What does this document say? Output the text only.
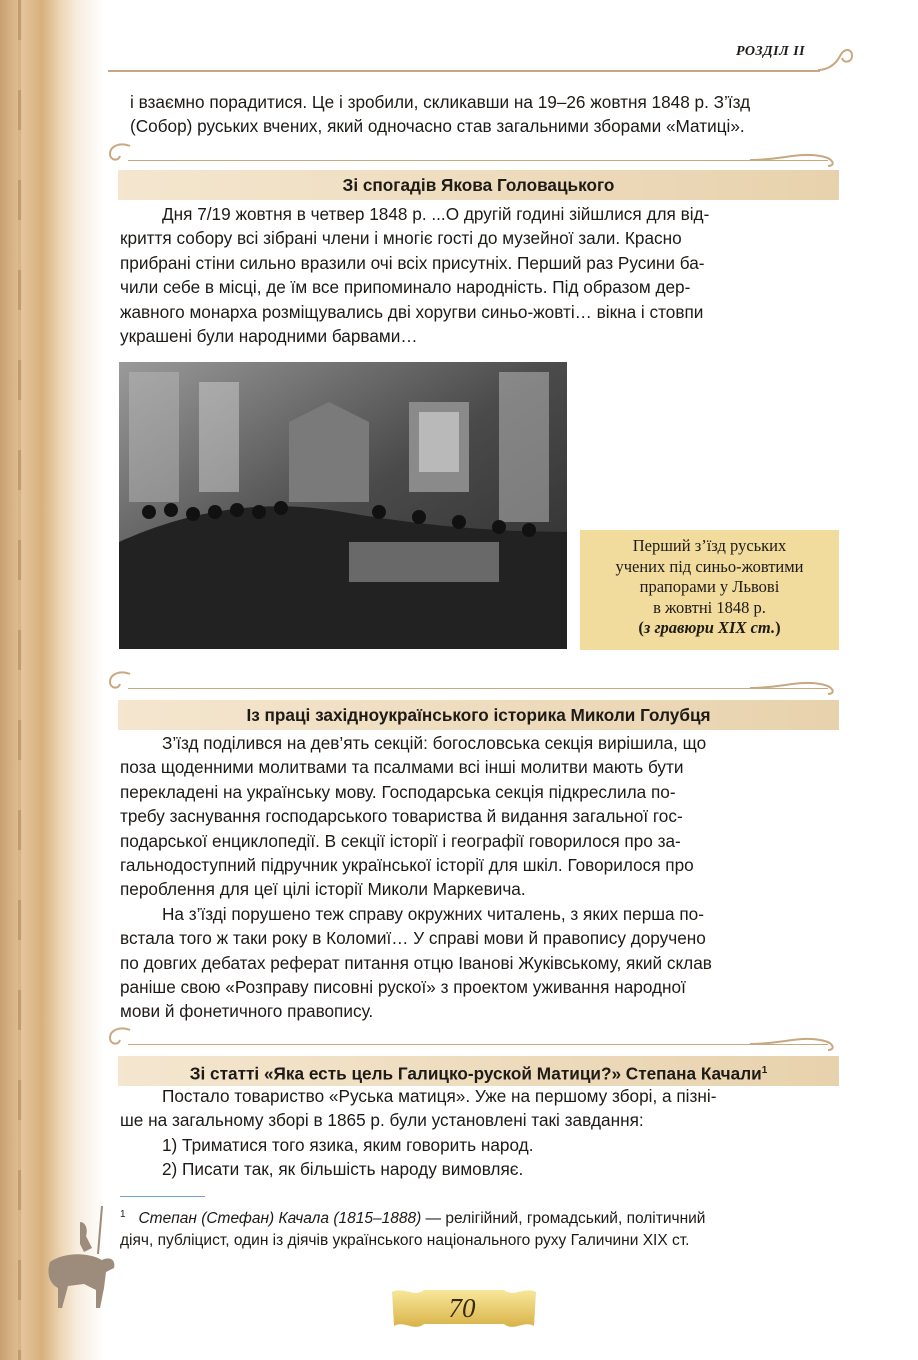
РОЗДІЛ ІІ

і взаємно порадитися. Це і зробили, скликавши на 19–26 жовтня 1848 р. З’їзд

(Собор) руських вчених, який одночасно став загальними зборами «Матиці».

Зі спогадів Якова Головацького

Дня 7/19 жовтня в четвер 1848 р. ...О другій годині зійшлися для від-

криття собору всі зібрані члени і многіє гості до музейної зали. Красно

прибрані стіни сильно вразили очі всіх присутніх. Перший раз Русини ба-

чили себе в місці, де їм все припоминало народність. Під образом дер-

жавного монарха розміщувались дві хоругви синьо-жовті… вікна і стовпи

украшені були народними барвами…

Перший з’їзд руських
учених під синьо-жовтими
прапорами у Львові
в жовтні 1848 р.
(з гравюри ХІХ ст.)
Із праці західноукраїнського історика Миколи Голубця

З’їзд поділився на дев’ять секцій: богословська секція вирішила, що

поза щоденними молитвами та псалмами всі інші молитви мають бути

перекладені на українську мову. Господарська секція підкреслила по-

требу заснування господарського товариства й видання загальної гос-

подарської енциклопедії. В секції історії і географії говорилося про за-

гальнодоступний підручник української історії для шкіл. Говорилося про

пероблення для цеї цілі історії Миколи Маркевича.

На з’їзді порушено теж справу окружних читалень, з яких перша по-

встала того ж таки року в Коломиї… У справі мови й правопису доручено

по довгих дебатах реферат питання отцю Іванові Жуківському, який склав

раніше свою «Розправу писовні рускої» з проектом уживання народної

мови й фонетичного правопису.

Зі статті «Яка есть цель Галицко-руской Матици?» Степана Качали$^1$

Постало товариство «Руська матиця». Уже на першому зборі, а пізні-

ше на загальному зборі в 1865 р. були установлені такі завдання:

1) Триматися того язика, яким говорить народ.

2) Писати так, як більшість народу вимовляє.

$^1$ Степан (Стефан) Качала (1815–1888) — релігійний, громадський, політичний
діяч, публіцист, один із діячів українського національного руху Галичини ХІХ ст.
70
